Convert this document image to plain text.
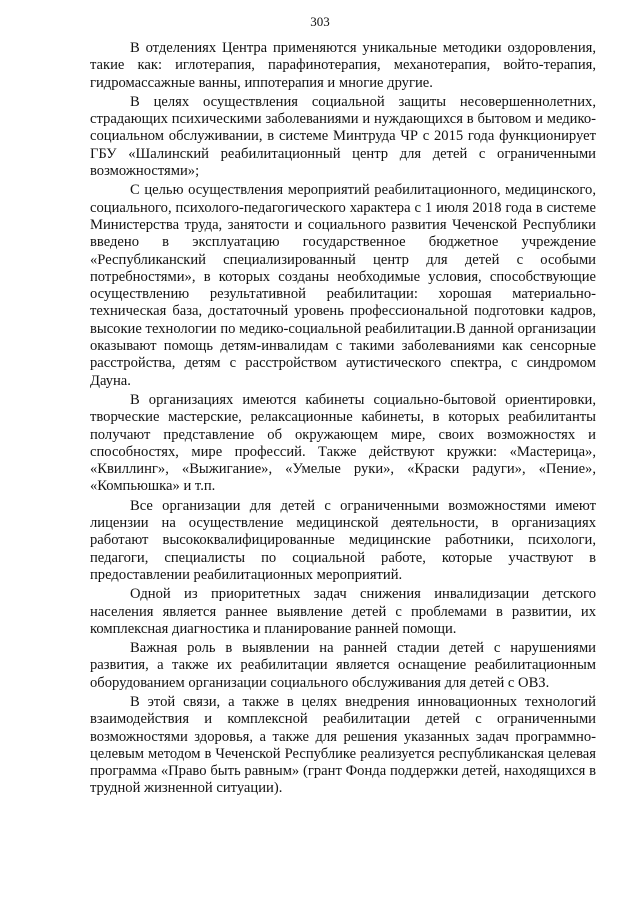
303

В отделениях Центра применяются уникальные методики оздоровления, такие как: иглотерапия, парафинотерапия, механотерапия, войто-терапия, гидромассажные ванны, иппотерапия и многие другие.

В целях осуществления социальной защиты несовершеннолетних, страдающих психическими заболеваниями и нуждающихся в бытовом и медико-социальном обслуживании, в системе Минтруда ЧР с 2015 года функционирует ГБУ «Шалинский реабилитационный центр для детей с ограниченными возможностями»;

С целью осуществления мероприятий реабилитационного, медицинского, социального, психолого-педагогического характера с 1 июля 2018 года в системе Министерства труда, занятости и социального развития Чеченской Республики введено в эксплуатацию государственное бюджетное учреждение «Республиканский специализированный центр для детей с особыми потребностями», в которых созданы необходимые условия, способствующие осуществлению результативной реабилитации: хорошая материально-техническая база, достаточный уровень профессиональной подготовки кадров, высокие технологии по медико-социальной реабилитации.В данной организации оказывают помощь детям-инвалидам с такими заболеваниями как сенсорные расстройства, детям с расстройством аутистического спектра, с синдромом Дауна.

В организациях имеются кабинеты социально-бытовой ориентировки, творческие мастерские, релаксационные кабинеты, в которых реабилитанты получают представление об окружающем мире, своих возможностях и способностях, мире профессий. Также действуют кружки: «Мастерица», «Квиллинг», «Выжигание», «Умелые руки», «Краски радуги», «Пение», «Компьюшка» и т.п.

Все организации для детей с ограниченными возможностями имеют лицензии на осуществление медицинской деятельности, в организациях работают высококвалифицированные медицинские работники, психологи, педагоги, специалисты по социальной работе, которые участвуют в предоставлении реабилитационных мероприятий.

Одной из приоритетных задач снижения инвалидизации детского населения является раннее выявление детей с проблемами в развитии, их комплексная диагностика и планирование ранней помощи.

Важная роль в выявлении на ранней стадии детей с нарушениями развития, а также их реабилитации является оснащение реабилитационным оборудованием организации социального обслуживания для детей с ОВЗ.

В этой связи, а также в целях внедрения инновационных технологий взаимодействия и комплексной реабилитации детей с ограниченными возможностями здоровья, а также для решения указанных задач программно-целевым методом в Чеченской Республике реализуется республиканская целевая программа «Право быть равным» (грант Фонда поддержки детей, находящихся в трудной жизненной ситуации).
